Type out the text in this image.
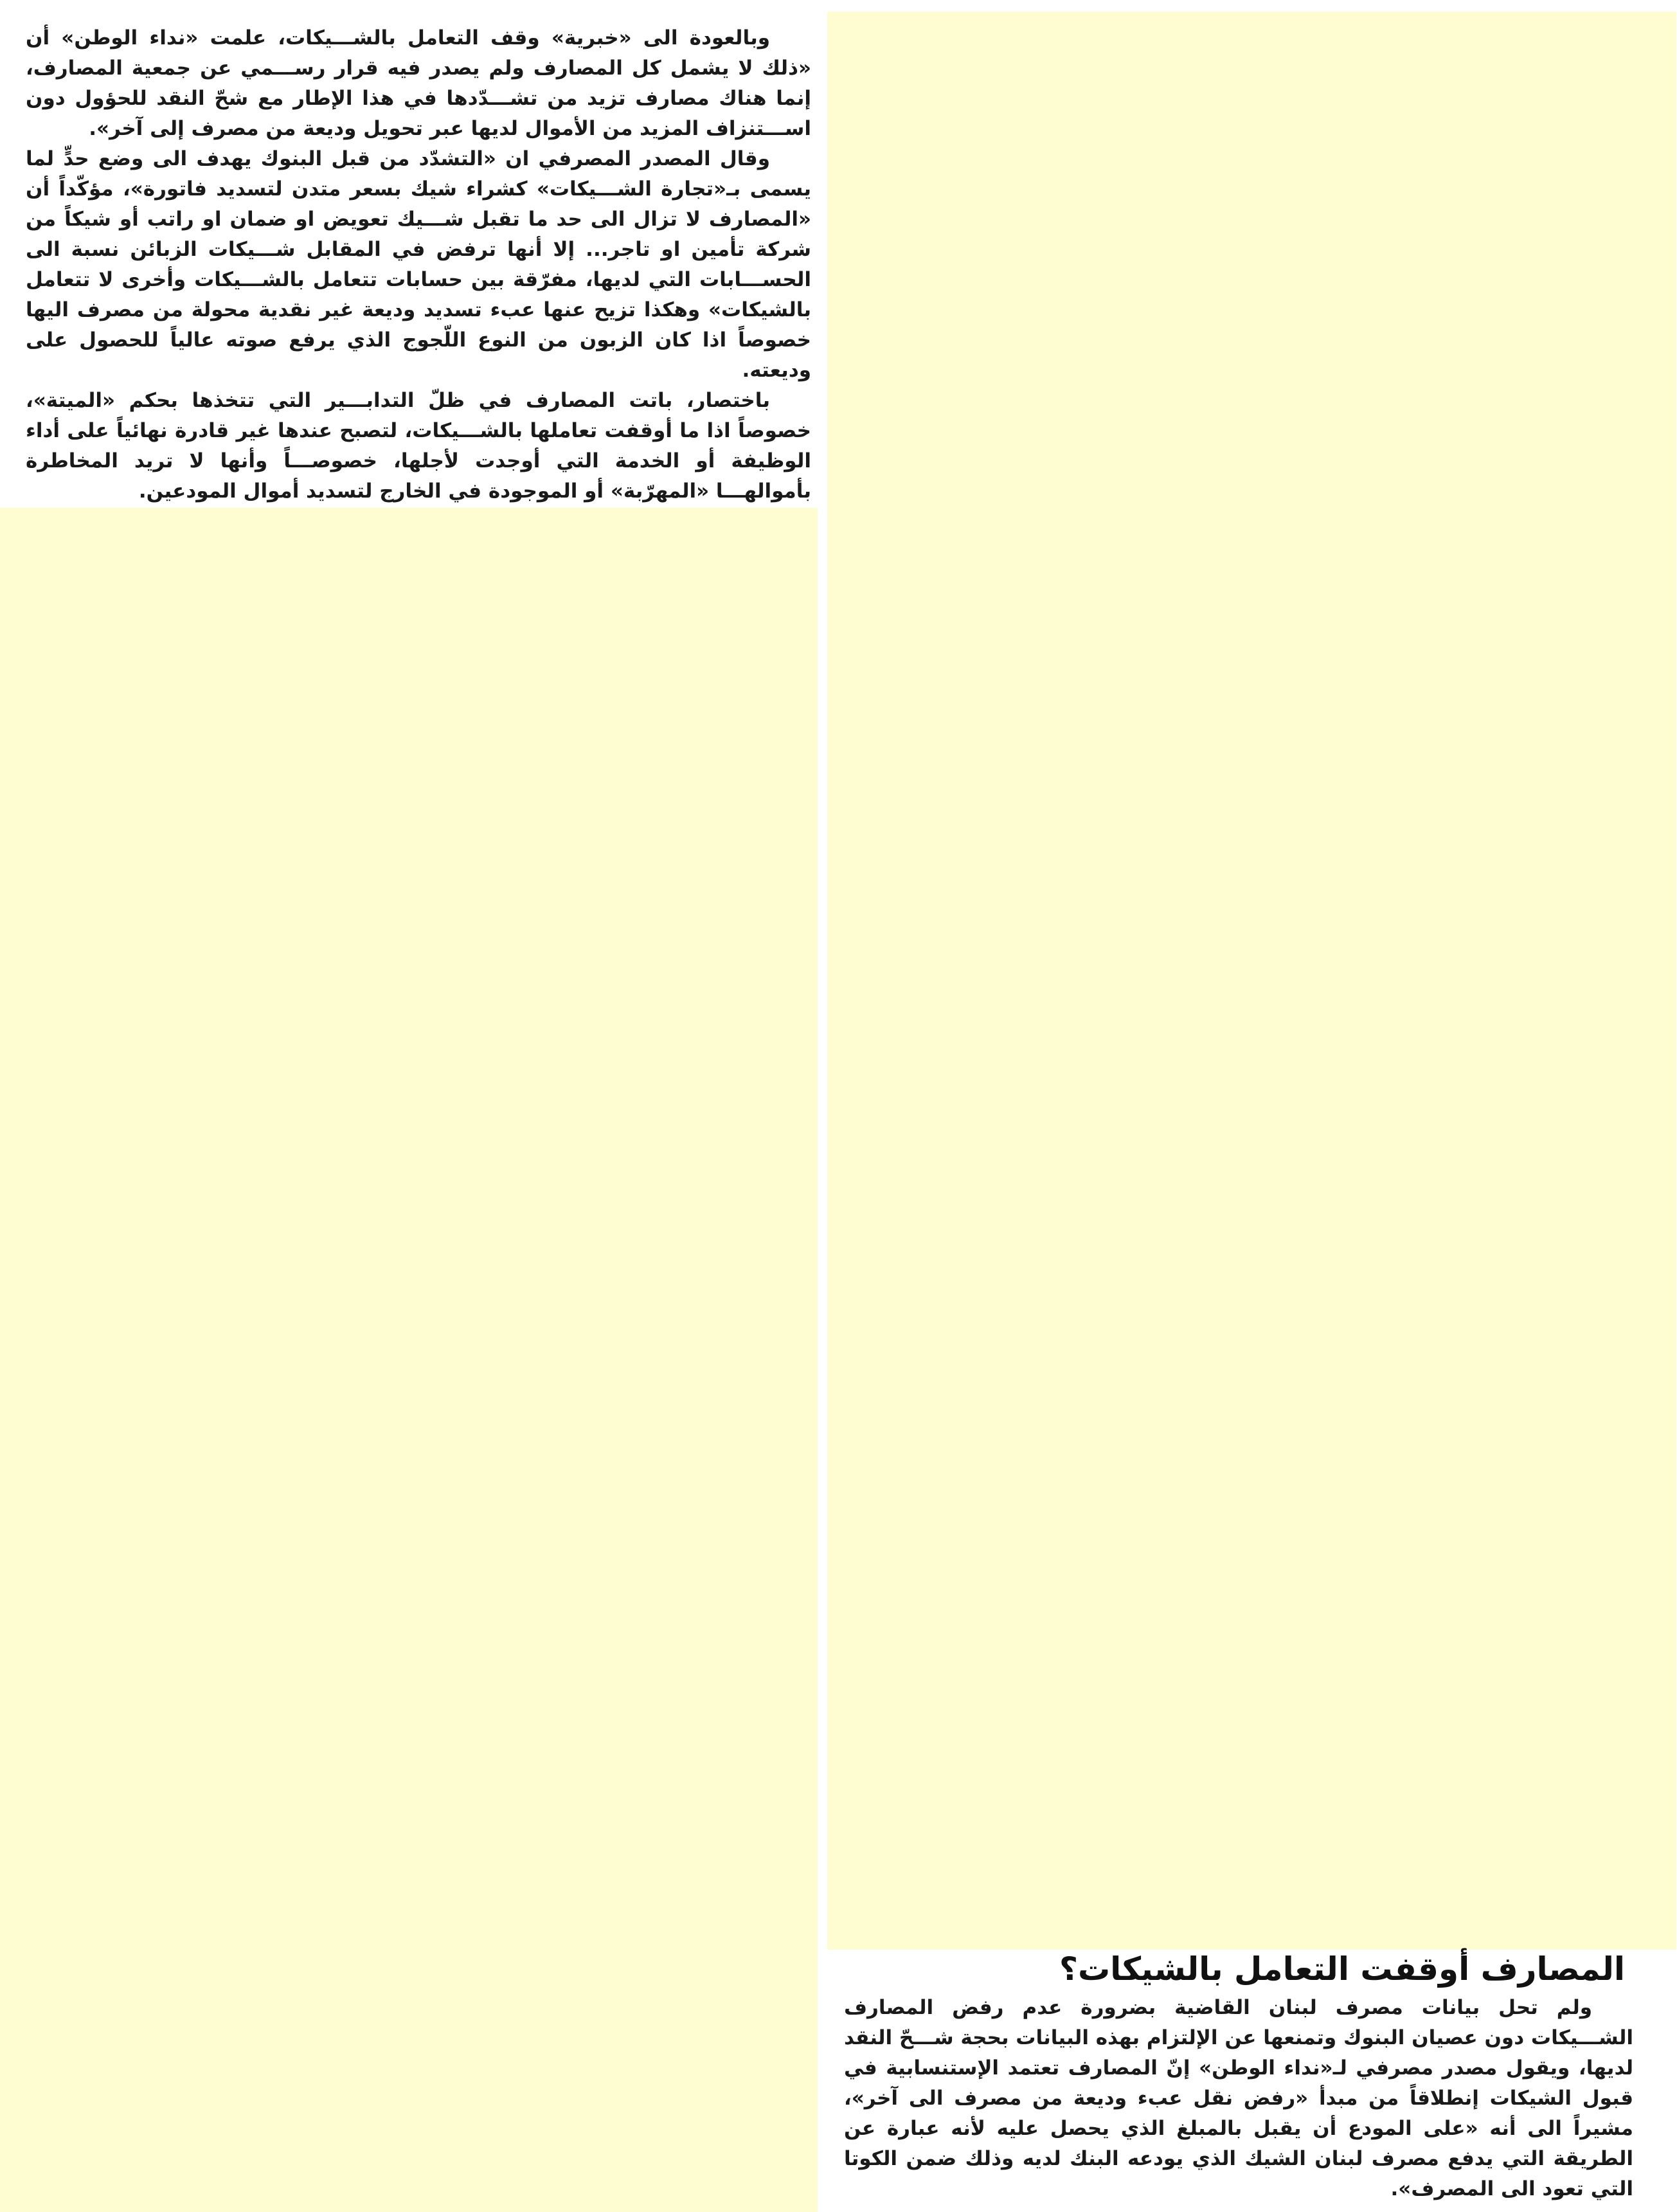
وبالعودة الى «خبرية» وقف التعامل بالشـــيكات، علمت «نداء الوطن» أن «ذلك لا يشمل كل المصارف ولم يصدر فيه قرار رســـمي عن جمعية المصارف، إنما هناك مصارف تزيد من تشـــدّدها في هذا الإطار مع شحّ النقد للحؤول دون اســـتنزاف المزيد من الأموال لديها عبر تحويل وديعة من مصرف إلى آخر».

وقال المصدر المصرفي ان «التشدّد من قبل البنوك يهدف الى وضع حدٍّ لما يسمى بـ«تجارة الشـــيكات» كشراء شيك بسعر متدن لتسديد فاتورة»، مؤكّداً أن «المصارف لا تزال الى حد ما تقبل شـــيك تعويض او ضمان او راتب أو شيكاً من شركة تأمين او تاجر... إلا أنها ترفض في المقابل شـــيكات الزبائن نسبة الى الحســـابات التي لديها، مفرّقة بين حسابات تتعامل بالشـــيكات وأخرى لا تتعامل بالشيكات» وهكذا تزيح عنها عبء تسديد وديعة غير نقدية محولة من مصرف اليها خصوصاً اذا كان الزبون من النوع اللّجوج الذي يرفع صوته عالياً للحصول على وديعته.

باختصار، باتت المصارف في ظلّ التدابـــير التي تتخذها بحكم «الميتة»، خصوصاً اذا ما أوقفت تعاملها بالشـــيكات، لتصبح عندها غير قادرة نهائياً على أداء الوظيفة أو الخدمة التي أوجدت لأجلها، خصوصـــاً وأنها لا تريد المخاطرة بأموالهـــا «المهرّبة» أو الموجودة في الخارج لتسديد أموال المودعين.

المصارف أوقفت التعامل بالشيكات؟

ولم تحل بيانات مصرف لبنان القاضية بضرورة عدم رفض المصارف الشـــيكات دون عصيان البنوك وتمنعها عن الإلتزام بهذه البيانات بحجة شـــحّ النقد لديها، ويقول مصدر مصرفي لـ«نداء الوطن» إنّ المصارف تعتمد الإستنسابية في قبول الشيكات إنطلاقاً من مبدأ «رفض نقل عبء وديعة من مصرف الى آخر»، مشيراً الى أنه «على المودع أن يقبل بالمبلغ الذي يحصل عليه لأنه عبارة عن الطريقة التي يدفع مصرف لبنان الشيك الذي يودعه البنك لديه وذلك ضمن الكوتا التي تعود الى المصرف».
